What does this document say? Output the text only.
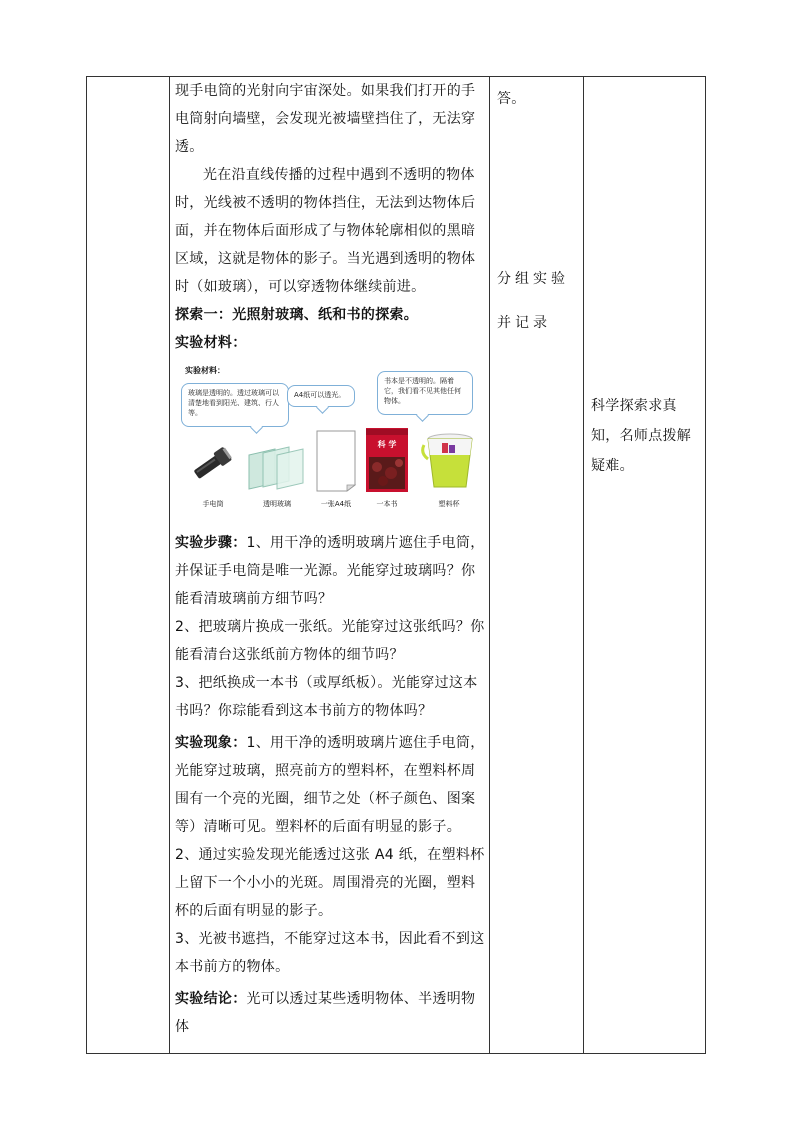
现手电筒的光射向宇宙深处。如果我们打开的手电筒射向墙壁，会发现光被墙壁挡住了，无法穿透。

光在沿直线传播的过程中遇到不透明的物体时，光线被不透明的物体挡住，无法到达物体后面，并在物体后面形成了与物体轮廓相似的黑暗区域，这就是物体的影子。当光遇到透明的物体时（如玻璃），可以穿透物体继续前进。

探索一：光照射玻璃、纸和书的探索。

实验材料：

实验材料：
玻璃是透明的。透过玻璃可以清楚地看到阳光、建筑、行人等。
A4纸可以透光。
书本是不透明的。隔着它，我们看不见其他任何物体。
科 学
手电筒	透明玻璃	一张A4纸	一本书	塑料杯

实验步骤：1、用干净的透明玻璃片遮住手电筒，并保证手电筒是唯一光源。光能穿过玻璃吗？你能看清玻璃前方细节吗？

2、把玻璃片换成一张纸。光能穿过这张纸吗？你能看清台这张纸前方物体的细节吗？

3、把纸换成一本书（或厚纸板）。光能穿过这本书吗？你琮能看到这本书前方的物体吗？

实验现象：1、用干净的透明玻璃片遮住手电筒，光能穿过玻璃，照亮前方的塑料杯，在塑料杯周围有一个亮的光圈，细节之处（杯子颜色、图案等）清晰可见。塑料杯的后面有明显的影子。

2、通过实验发现光能透过这张 A4 纸，在塑料杯上留下一个小小的光斑。周围滑亮的光圈，塑料杯的后面有明显的影子。

3、光被书遮挡，不能穿过这本书，因此看不到这本书前方的物体。

实验结论：光可以透过某些透明物体、半透明物体

答。

分组实验并记录

科学探索求真知，名师点拨解疑难。
